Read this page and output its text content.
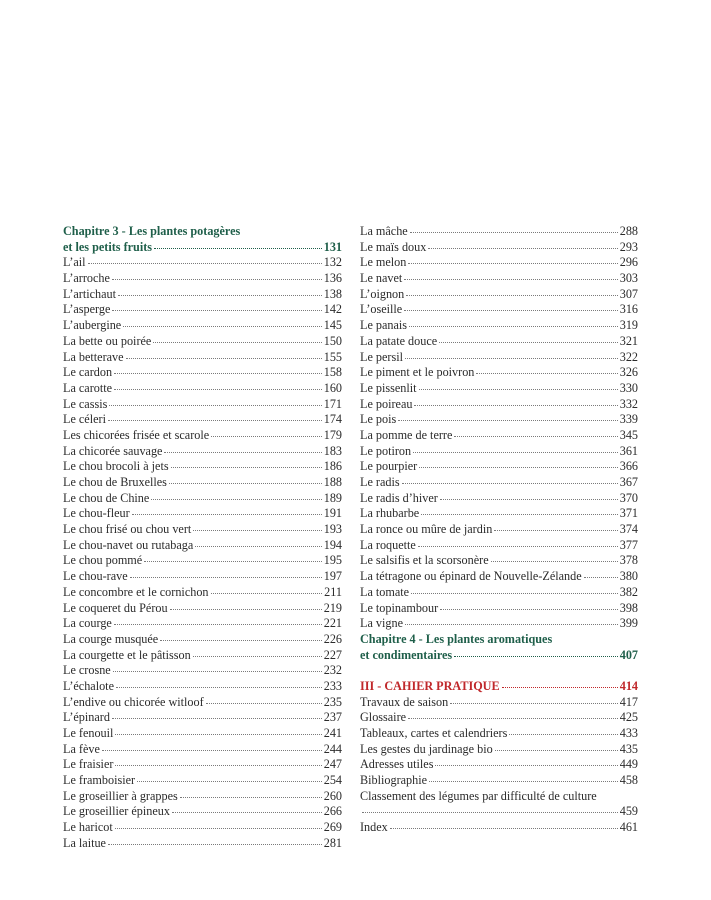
Chapitre 3 - Les plantes potagères
et les petits fruits	131
L’ail	132
L’arroche	136
L’artichaut	138
L’asperge	142
L’aubergine	145
La bette ou poirée	150
La betterave	155
Le cardon	158
La carotte	160
Le cassis	171
Le céleri	174
Les chicorées frisée et scarole	179
La chicorée sauvage	183
Le chou brocoli à jets	186
Le chou de Bruxelles	188
Le chou de Chine	189
Le chou-fleur	191
Le chou frisé ou chou vert	193
Le chou-navet ou rutabaga	194
Le chou pommé	195
Le chou-rave	197
Le concombre et le cornichon	211
Le coqueret du Pérou	219
La courge	221
La courge musquée	226
La courgette et le pâtisson	227
Le crosne	232
L’échalote	233
L’endive ou chicorée witloof	235
L’épinard	237
Le fenouil	241
La fève	244
Le fraisier	247
Le framboisier	254
Le groseillier à grappes	260
Le groseillier épineux	266
Le haricot	269
La laitue	281
La mâche	288
Le maïs doux	293
Le melon	296
Le navet	303
L’oignon	307
L’oseille	316
Le panais	319
La patate douce	321
Le persil	322
Le piment et le poivron	326
Le pissenlit	330
Le poireau	332
Le pois	339
La pomme de terre	345
Le potiron	361
Le pourpier	366
Le radis	367
Le radis d’hiver	370
La rhubarbe	371
La ronce ou mûre de jardin	374
La roquette	377
Le salsifis et la scorsonère	378
La tétragone ou épinard de Nouvelle-Zélande	380
La tomate	382
Le topinambour	398
La vigne	399
Chapitre 4 - Les plantes aromatiques
et condimentaires	407
III - CAHIER PRATIQUE	414
Travaux de saison	417
Glossaire	425
Tableaux, cartes et calendriers	433
Les gestes du jardinage bio	435
Adresses utiles	449
Bibliographie	458
Classement des légumes par difficulté de culture
459
Index	461
